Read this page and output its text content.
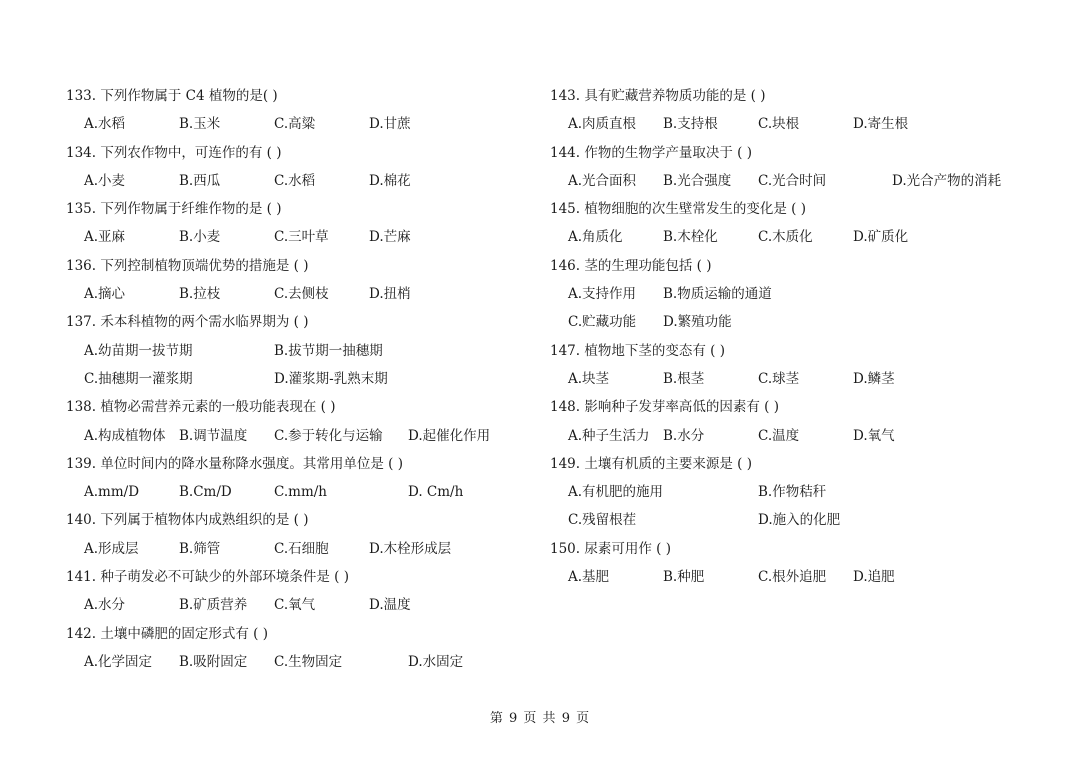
133. 下列作物属于 C4 植物的是( )
A.水稻	B.玉米	C.高粱	D.甘蔗
134. 下列农作物中，可连作的有 ( )
A.小麦	B.西瓜	C.水稻	D.棉花
135. 下列作物属于纤维作物的是 ( )
A.亚麻	B.小麦	C.三叶草	D.芒麻
136. 下列控制植物顶端优势的措施是 ( )
A.摘心	B.拉枝	C.去侧枝	D.扭梢
137. 禾本科植物的两个需水临界期为 ( )
A.幼苗期一拔节期	B.拔节期一抽穗期
C.抽穗期一灌浆期	D.灌浆期-乳熟末期
138. 植物必需营养元素的一般功能表现在 ( )
A.构成植物体 B.调节温度 C.参于转化与运输 D.起催化作用
139. 单位时间内的降水量称降水强度。其常用单位是 ( )
A.mm/D	B.Cm/D	C.mm/h	D. Cm/h
140. 下列属于植物体内成熟组织的是 ( )
A.形成层	B.筛管	C.石细胞	D.木栓形成层
141. 种子萌发必不可缺少的外部环境条件是 ( )
A.水分	B.矿质营养 C.氧气	D.温度
142. 土壤中磷肥的固定形式有 ( )
A.化学固定 B.吸附固定 C.生物固定	D.水固定
143. 具有贮藏营养物质功能的是 ( )
A.肉质直根 B.支持根	C.块根	D.寄生根
144. 作物的生物学产量取决于 ( )
A.光合面积 B.光合强度 C.光合时间	D.光合产物的消耗
145. 植物细胞的次生壁常发生的变化是 ( )
A.角质化	B.木栓化	C.木质化	D.矿质化
146. 茎的生理功能包括 ( )
A.支持作用 B.物质运输的通道
C.贮藏功能 D.繁殖功能
147. 植物地下茎的变态有 ( )
A.块茎	B.根茎	C.球茎	D.鳞茎
148. 影响种子发芽率高低的因素有 ( )
A.种子生活力 B.水分	C.温度	D.氧气
149. 土壤有机质的主要来源是 ( )
A.有机肥的施用	B.作物秸秆
C.残留根茬	D.施入的化肥
150. 尿素可用作 ( )
A.基肥	B.种肥	C.根外追肥 D.追肥
第 9 页 共 9 页
